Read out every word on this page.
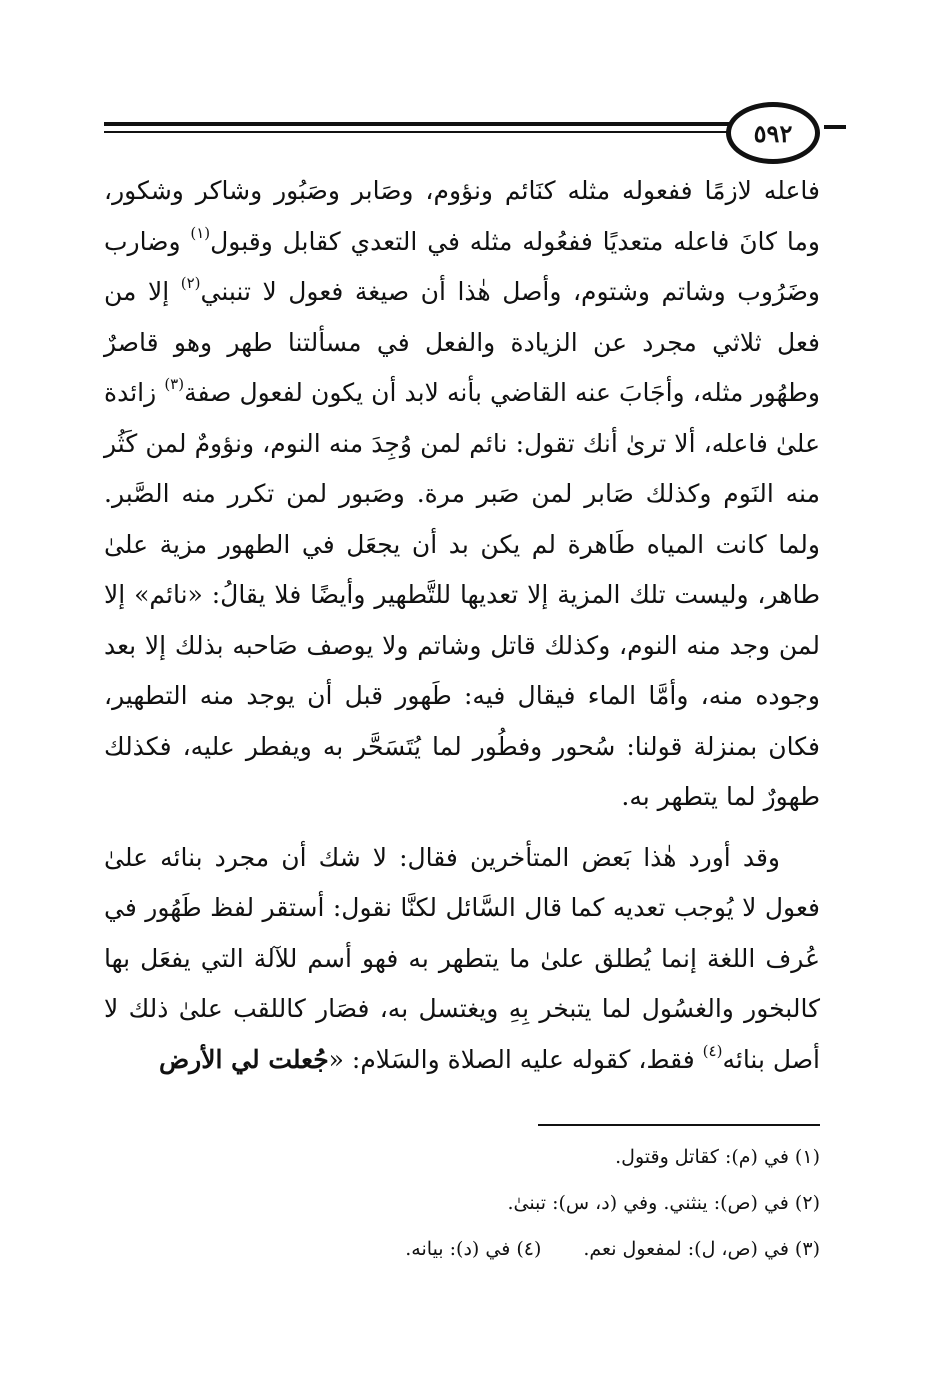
٥٩٢

فاعله لازمًا ففعوله مثله كنَائم ونؤوم، وصَابر وصَبُور وشاكر وشكور، وما كانَ فاعله متعديًا ففعُوله مثله في التعدي كقابل وقبول$^{(١)}$ وضارب وضَرُوب وشاتم وشتوم، وأصل هٰذا أن صيغة فعول لا تنبني$^{(٢)}$ إلا من فعل ثلاثي مجرد عن الزيادة والفعل في مسألتنا طهر وهو قاصرٌ وطهُور مثله، وأجَابَ عنه القاضي بأنه لابد أن يكون لفعول صفة$^{(٣)}$ زائدة علىٰ فاعله، ألا ترىٰ أنك تقول: نائم لمن وُجِدَ منه النوم، ونؤومٌ لمن كَثُر منه النَوم وكذلك صَابر لمن صَبر مرة. وصَبور لمن تكرر منه الصَّبر. ولما كانت المياه طَاهرة لم يكن بد أن يجعَل في الطهور مزية علىٰ طاهر، وليست تلك المزية إلا تعديها للتَّطهير وأيضًا فلا يقالُ: «نائم» إلا لمن وجد منه النوم، وكذلك قاتل وشاتم ولا يوصف صَاحبه بذلك إلا بعد وجوده منه، وأمَّا الماء فيقال فيه: طَهور قبل أن يوجد منه التطهير، فكان بمنزلة قولنا: سُحور وفطُور لما يُتَسَحَّر به ويفطر عليه، فكذلك طهورٌ لما يتطهر به.

وقد أورد هٰذا بَعض المتأخرين فقال: لا شك أن مجرد بنائه علىٰ فعول لا يُوجب تعديه كما قال السَّائل لكنَّا نقول: أستقر لفظ طَهُور في عُرف اللغة إنما يُطلق علىٰ ما يتطهر به فهو أسم للآلة التي يفعَل بها كالبخور والغسُول لما يتبخر بِهِ ويغتسل به، فصَار كاللقب علىٰ ذلك لا أصل بنائه$^{(٤)}$ فقط، كقوله عليه الصلاة والسَلام: «جُعلت لي الأرض

(١) في (م): كقاتل وقتول.
(٢) في (ص): ينثني. وفي (د، س): تبنىٰ.
(٣) في (ص، ل): لمفعول نعم.(٤) في (د): بيانه.
